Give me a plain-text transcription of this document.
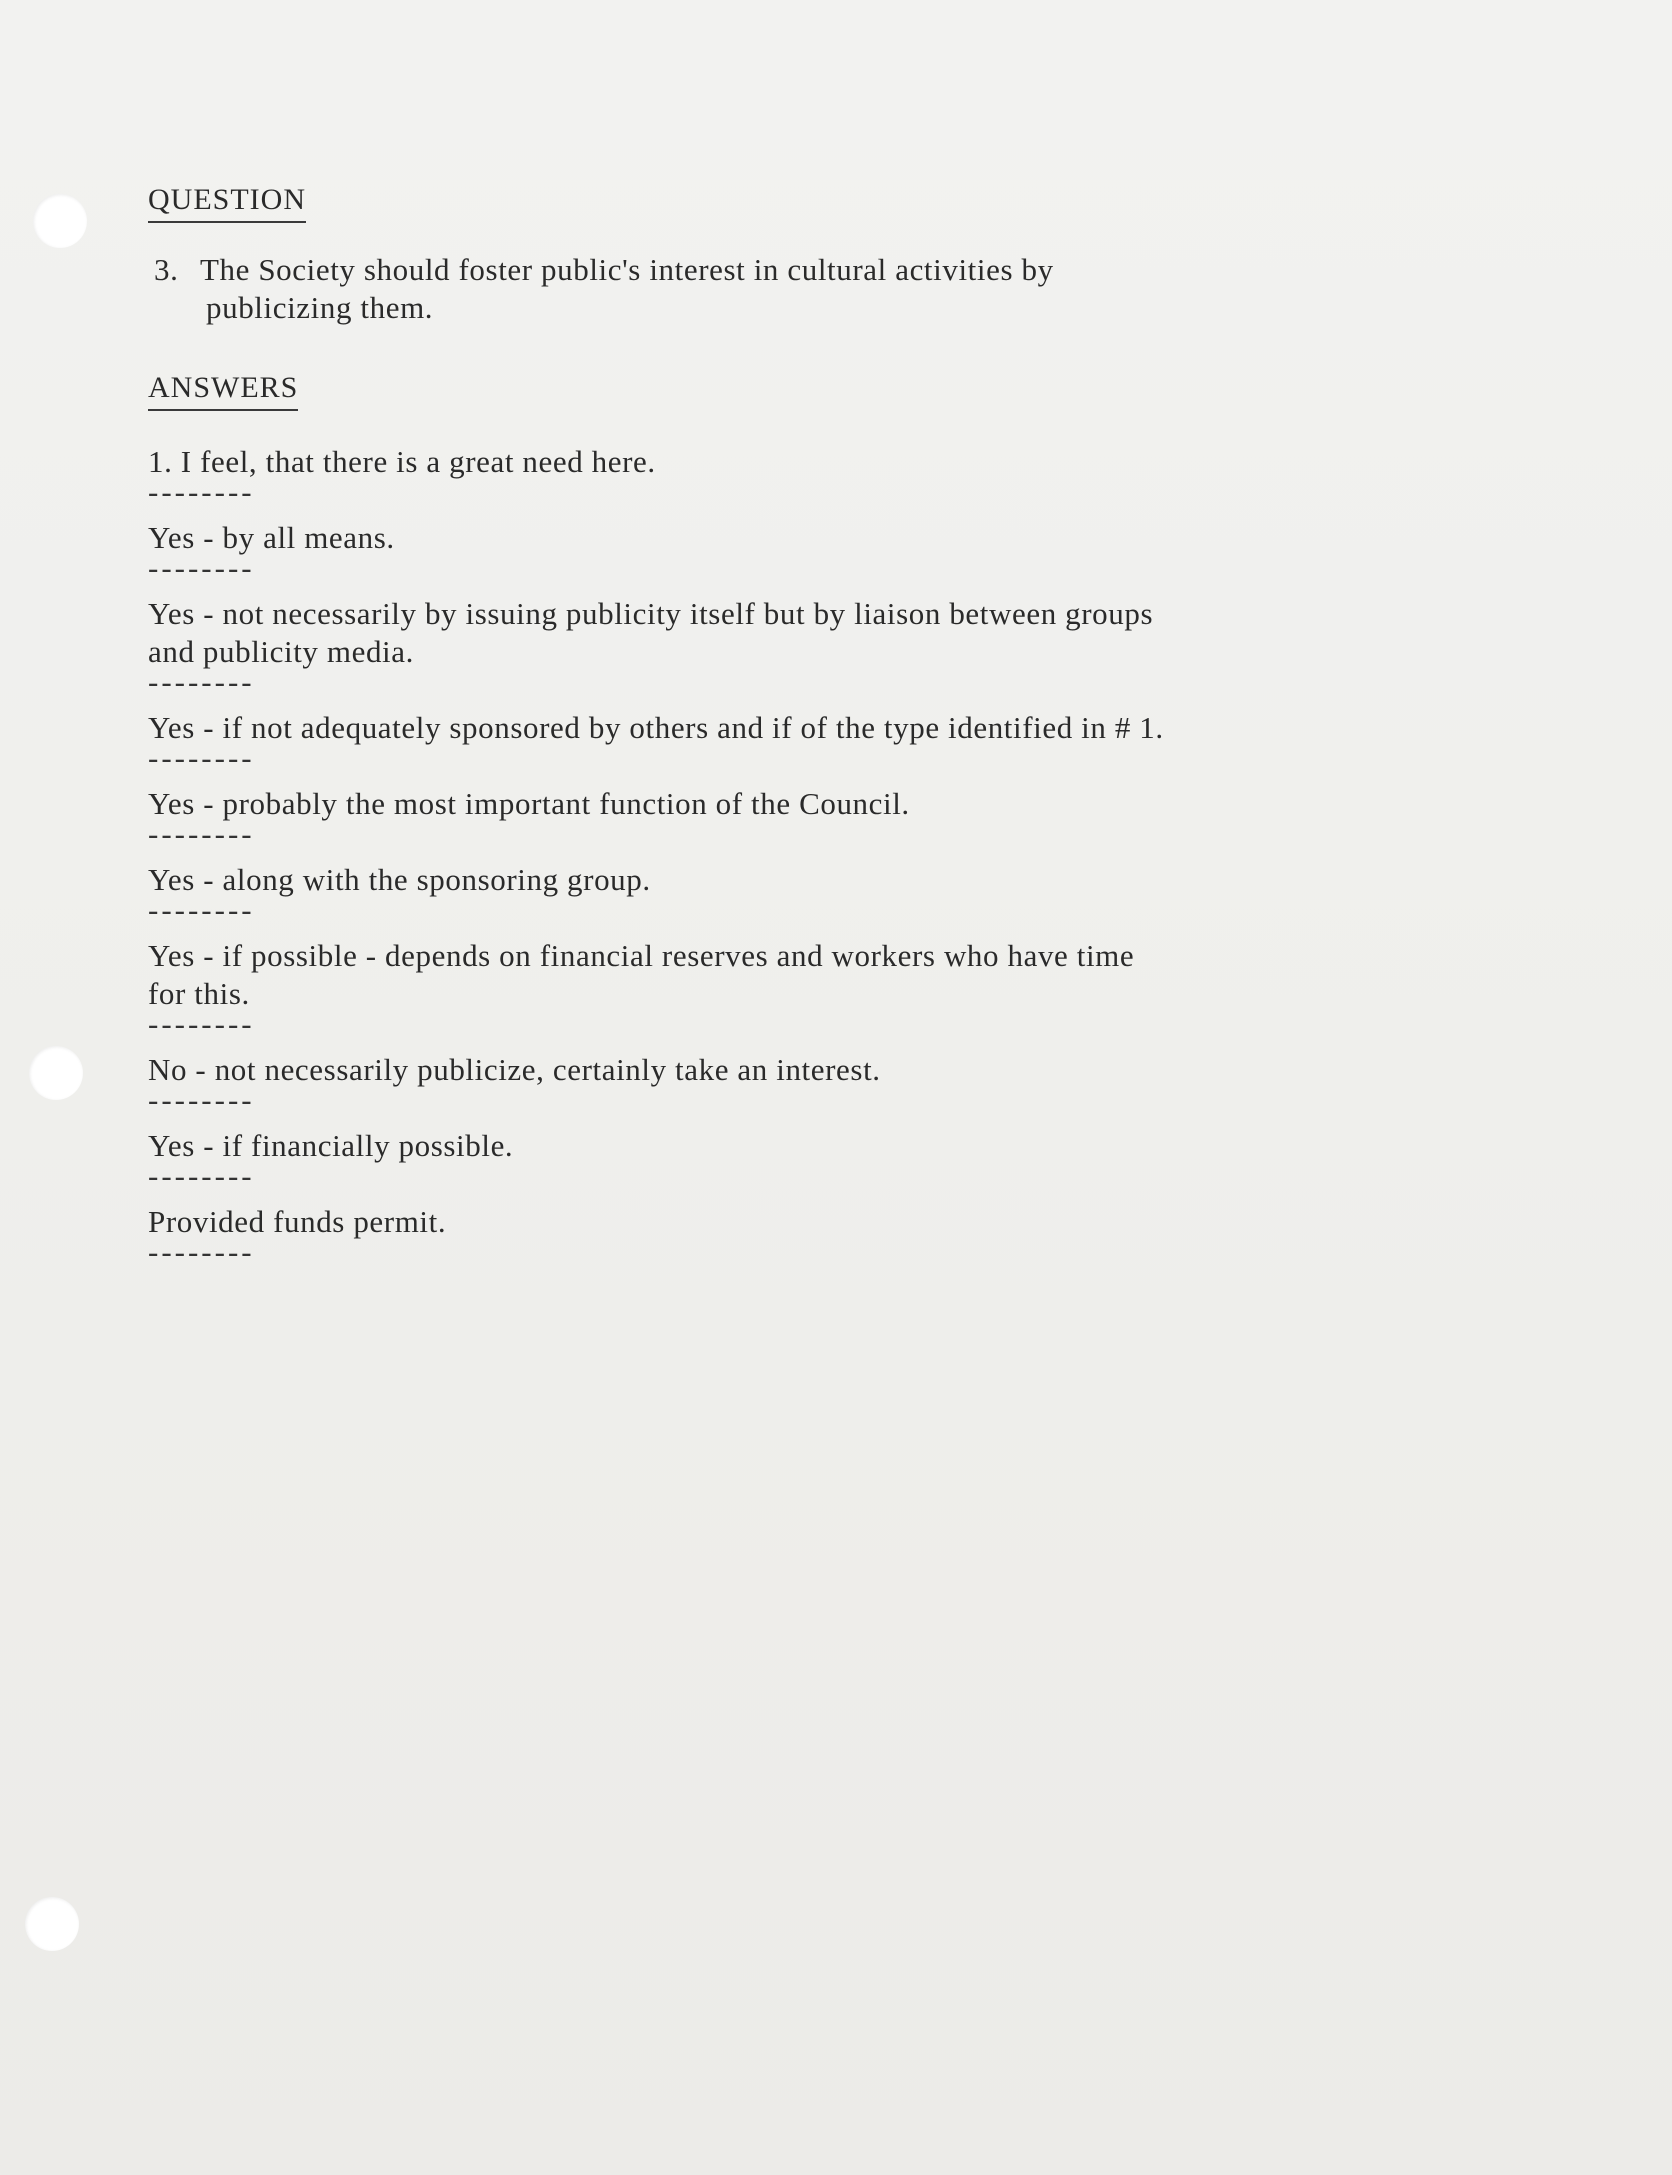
QUESTION
3. The Society should foster public's interest in cultural activities by
publicizing them.
ANSWERS
1. I feel, that there is a great need here.
--------
Yes - by all means.
--------
Yes - not necessarily by issuing publicity itself but by liaison between groups
and publicity media.
--------
Yes - if not adequately sponsored by others and if of the type identified in # 1.
--------
Yes - probably the most important function of the Council.
--------
Yes - along with the sponsoring group.
--------
Yes - if possible - depends on financial reserves and workers who have time
for this.
--------
No - not necessarily publicize, certainly take an interest.
--------
Yes - if financially possible.
--------
Provided funds permit.
--------
